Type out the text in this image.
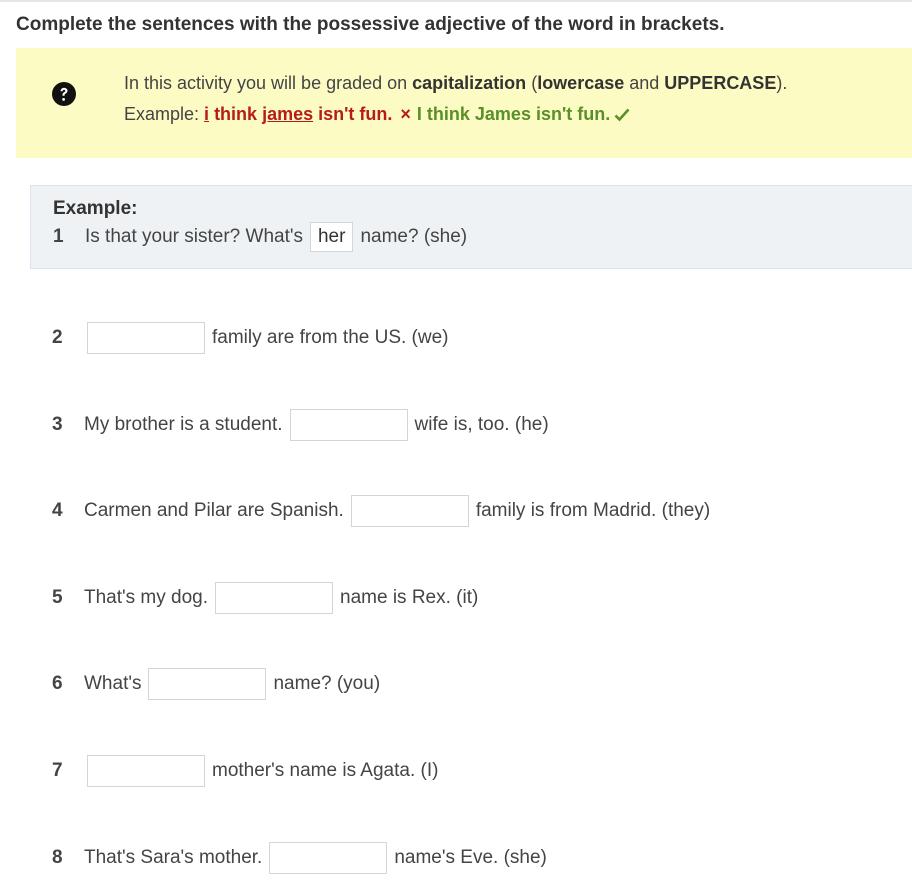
Complete the sentences with the possessive adjective of the word in brackets.
In this activity you will be graded on capitalization (lowercase and UPPERCASE).
Example: i think james isn't fun. × I think James isn't fun.
Example:
1	Is that your sister? What's her name? (she)
2	family are from the US. (we)
3	My brother is a student.	wife is, too. (he)
4	Carmen and Pilar are Spanish.	family is from Madrid. (they)
5	That's my dog.	name is Rex. (it)
6	What's	name? (you)
7	mother's name is Agata. (I)
8	That's Sara's mother.	name's Eve. (she)
